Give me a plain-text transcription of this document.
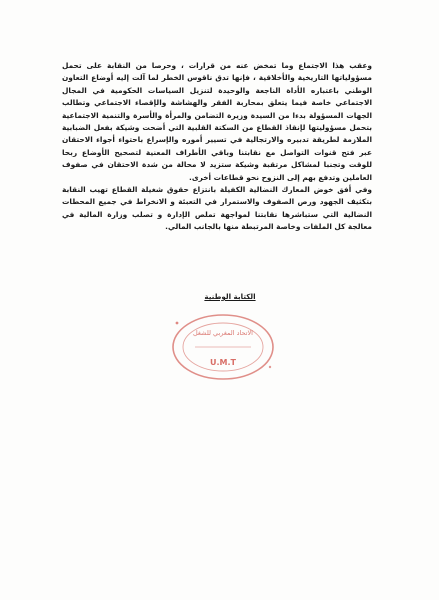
وعقب هذا الاجتماع وما تمخض عنه من قرارات ، وحرصا من النقابة على تحمل مسؤولياتها التاريخية والأخلاقية ، فإنها تدق ناقوس الخطر لما آلت إليه أوضاع التعاون الوطني باعتباره الأداة الناجعة والوحيدة لتنزيل السياسات الحكومية في المجال الاجتماعي خاصة فيما يتعلق بمحاربة الفقر والهشاشة والإقصاء الاجتماعي وتطالب الجهات المسؤولة بدءا من السيدة وزيرة التضامن والمرأة والأسرة والتنمية الاجتماعية بتحمل مسؤوليتها لإنقاذ القطاع من السكتة القلبية التي أضحت وشيكة بفعل الضبابية الملازمة لطريقة تدبيره والارتجالية في تسيير أموره والإسراع باحتواء أجواء الاحتقان عبر فتح قنوات التواصل مع نقابتنا وباقي الأطراف المعنية لتصحيح الأوضاع ربحا للوقت وتجنبا لمشاكل مرتقبة وشيكة ستزيد لا محالة من شدة الاحتقان في صفوف العاملين وتدفع بهم إلى النزوح نحو قطاعات أخرى.

وفي أفق خوض المعارك النضالية الكفيلة بانتزاع حقوق شغيلة القطاع تهيب النقابة بتكثيف الجهود ورص الصفوف والاستمرار في التعبئة و الانخراط في جميع المحطات النضالية التي ستباشرها نقابتنا لمواجهة تملص الإدارة و تصلب وزارة المالية في معالجة كل الملفات وخاصة المرتبطة منها بالجانب المالي.

الكتابة الوطنية
الاتحاد المغربي للشغل
U.M.T
